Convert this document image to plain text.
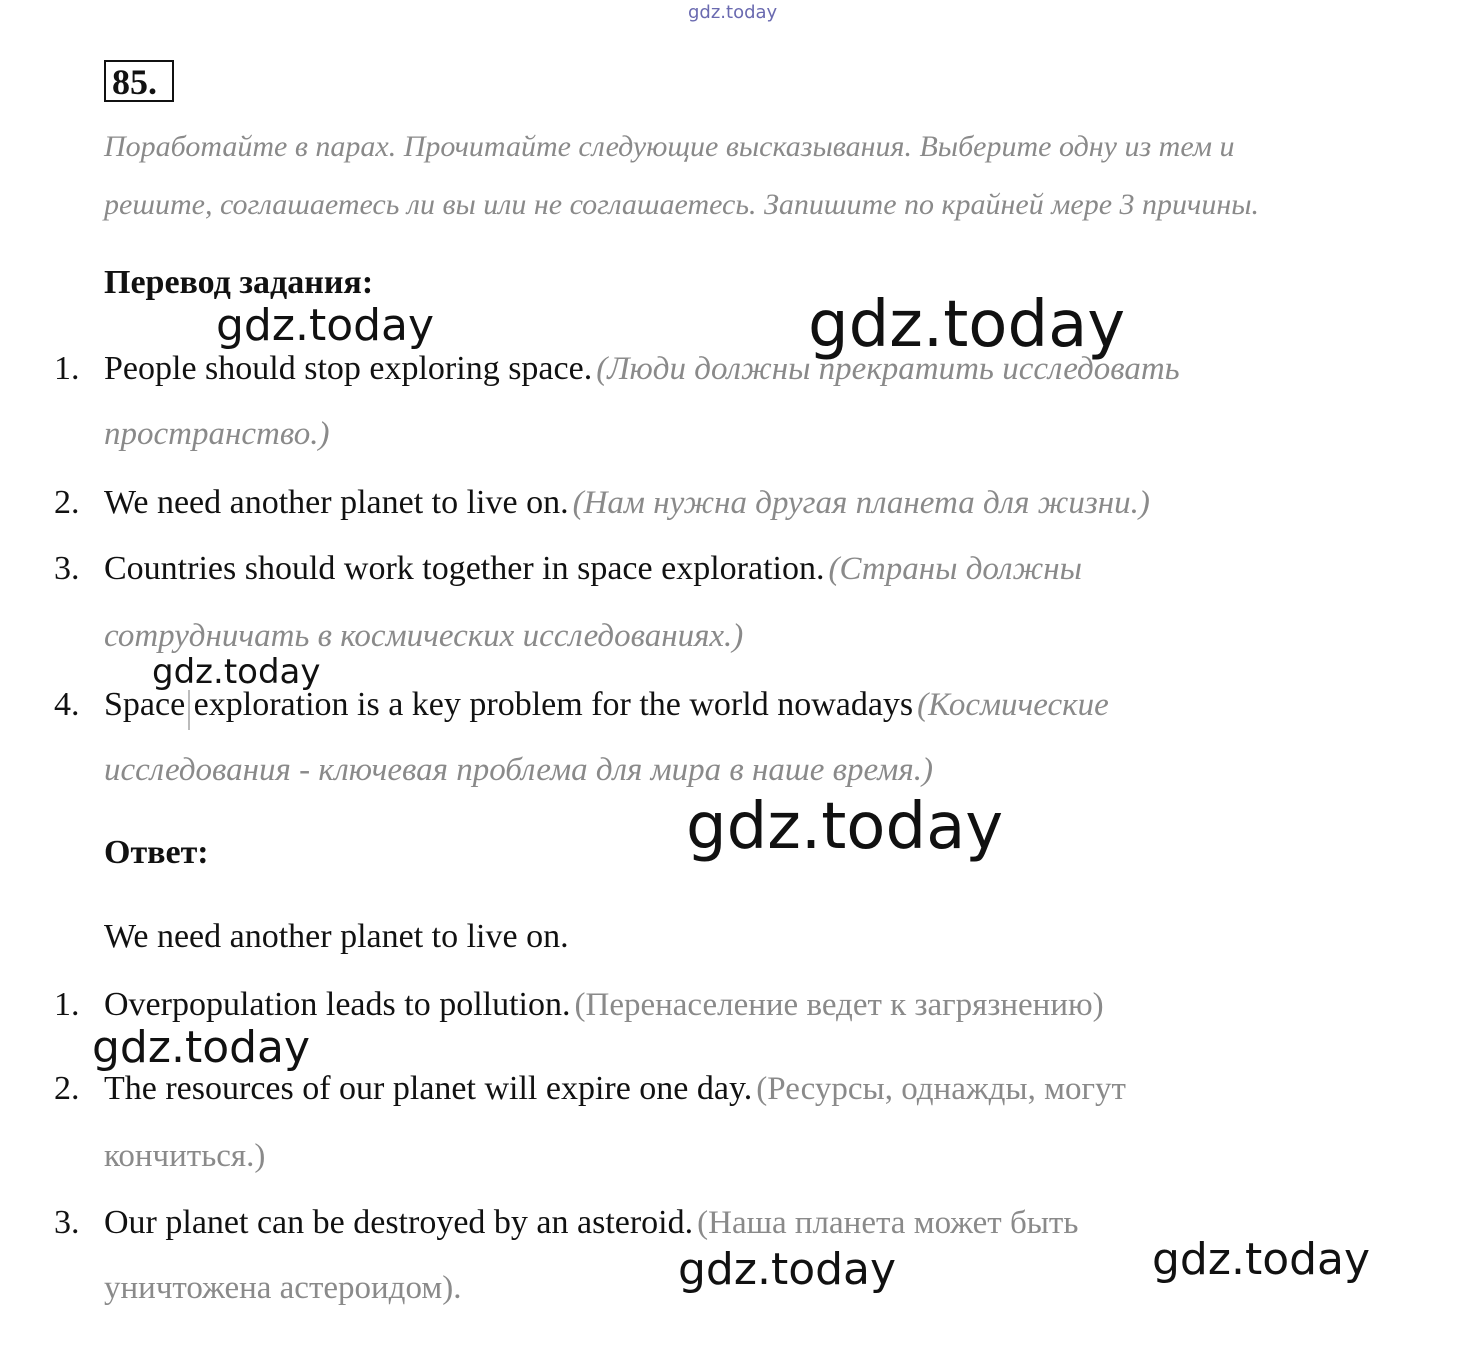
gdz.today
85.
Поработайте в парах. Прочитайте следующие высказывания. Выберите одну из тем и
решите, соглашаетесь ли вы или не соглашаетесь. Запишите по крайней мере 3 причины.
Перевод задания:
gdz.today	gdz.today
1. People should stop exploring space. (Люди должны прекратить исследовать
пространство.)
2. We need another planet to live on. (Нам нужна другая планета для жизни.)
3. Countries should work together in space exploration. (Страны должны
сотрудничать в космических исследованиях.)
gdz.today
4. Space exploration is a key problem for the world nowadays (Космические
исследования - ключевая проблема для мира в наше время.)
gdz.today
Ответ:
We need another planet to live on.
1. Overpopulation leads to pollution. (Перенаселение ведет к загрязнению)
gdz.today
2. The resources of our planet will expire one day. (Ресурсы, однажды, могут
кончиться.)
3. Our planet can be destroyed by an asteroid. (Наша планета может быть
уничтожена астероидом).	gdz.today	gdz.today
